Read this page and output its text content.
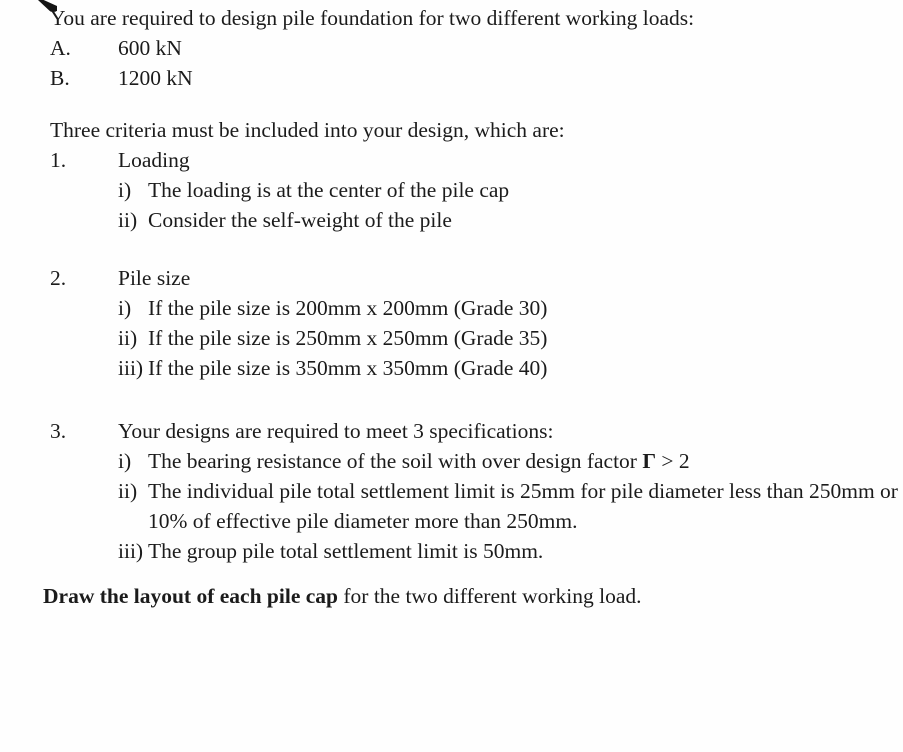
You are required to design pile foundation for two different working loads:
A. 600 kN
B. 1200 kN
Three criteria must be included into your design, which are:
1. Loading
i) The loading is at the center of the pile cap
ii) Consider the self-weight of the pile
2. Pile size
i) If the pile size is 200mm x 200mm (Grade 30)
ii) If the pile size is 250mm x 250mm (Grade 35)
iii) If the pile size is 350mm x 350mm (Grade 40)
3. Your designs are required to meet 3 specifications:
i) The bearing resistance of the soil with over design factor Γ > 2
ii) The individual pile total settlement limit is 25mm for pile diameter less than 250mm or 10% of effective pile diameter more than 250mm.
iii) The group pile total settlement limit is 50mm.
Draw the layout of each pile cap for the two different working load.
